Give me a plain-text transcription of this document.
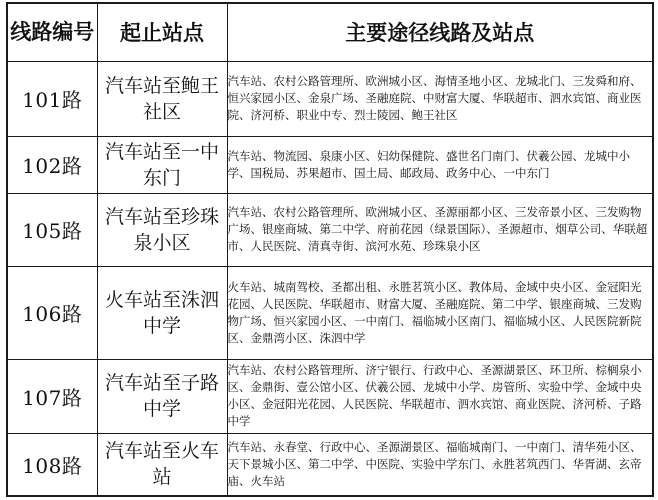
线路编号	起止站点	主要途径线路及站点
101路	汽车站至鲍王社区	汽车站、农村公路管理所、欧洲城小区、海情圣地小区、龙城北门、三发舜和府、恒兴家园小区、金泉广场、圣融庭院、中财富大厦、华联超市、泗水宾馆、商业医院、济河桥、职业中专、烈士陵园、鲍王社区
102路	汽车站至一中东门	汽车站、物流园、泉康小区、妇幼保健院、盛世名门南门、伏羲公园、龙城中小学、国税局、苏果超市、国土局、邮政局、政务中心、一中东门
105路	汽车站至珍珠泉小区	汽车站、农村公路管理所、欧洲城小区、圣源丽都小区、三发帝景小区、三发购物广场、银座商城、第二中学、府前花园（绿景国际）、圣源超市、烟草公司、华联超市、人民医院、清真寺街、滨河水苑、珍珠泉小区
106路	火车站至洙泗中学	火车站、城南驾校、圣都出租、永胜茗筑小区、教体局、金域中央小区、金冠阳光花园、人民医院、华联超市、财富大厦、圣融庭院、第二中学、银座商城、三发购物广场、恒兴家园小区、一中南门、福临城小区南门、福临城小区、人民医院新院区、金鼎湾小区、洙泗中学
107路	汽车站至子路中学	汽车站、农村公路管理所、济宁银行、行政中心、圣源湖景区、环卫所、棕榈泉小区、金鼎街、壹公馆小区、伏羲公园、龙城中小学、房管所、实验中学、金域中央小区、金冠阳光花园、人民医院、华联超市、泗水宾馆、商业医院、济河桥、子路中学
108路	汽车站至火车站	汽车站、永春堂、行政中心、圣源湖景区、福临城南门、一中南门、清华苑小区、天下景城小区、第二中学、中医院、实验中学东门、永胜茗筑西门、华胥湖、玄帝庙、火车站
